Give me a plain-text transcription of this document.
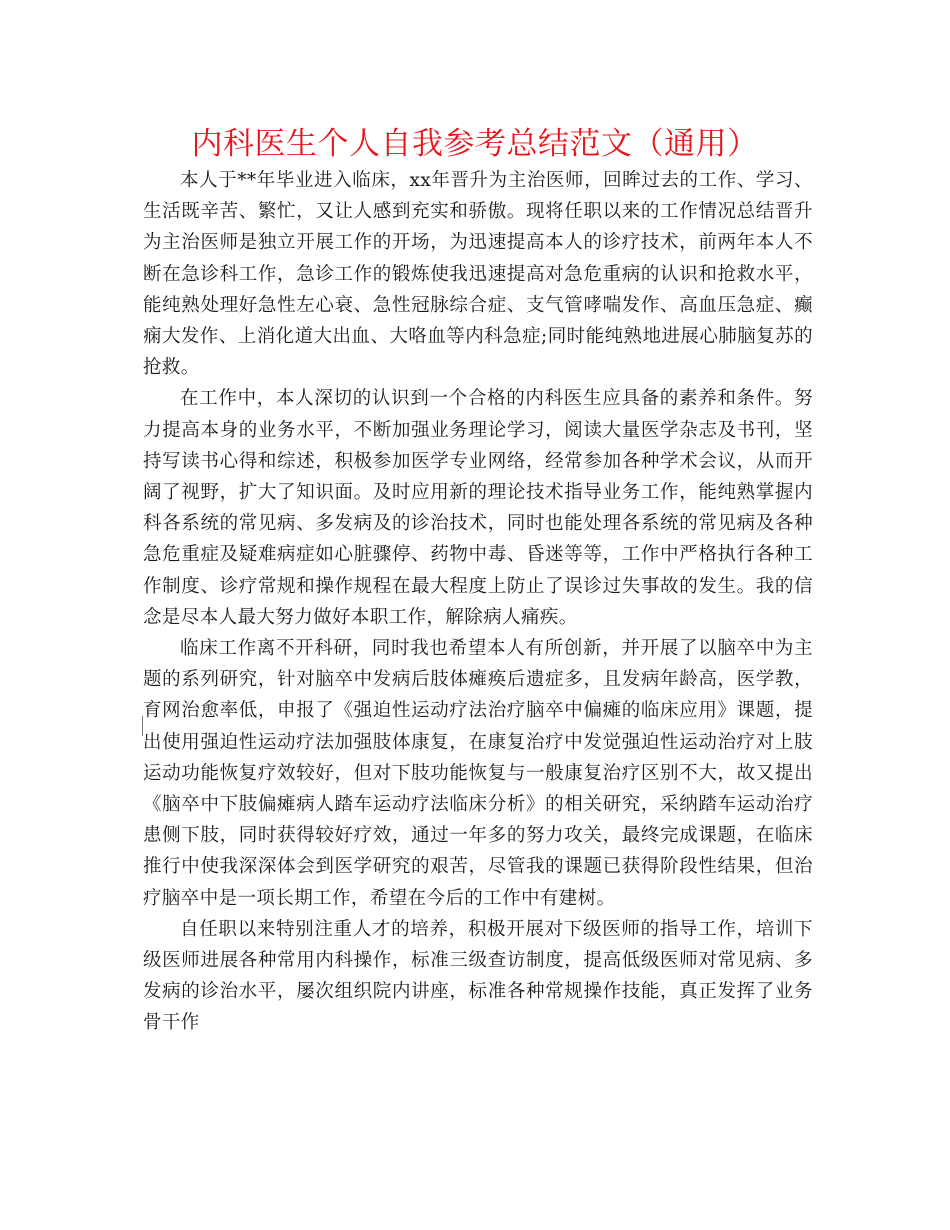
内科医生个人自我参考总结范文（通用）

本人于**年毕业进入临床，xx年晋升为主治医师，回眸过去的工作、学习、生活既辛苦、繁忙，又让人感到充实和骄傲。现将任职以来的工作情况总结晋升为主治医师是独立开展工作的开场，为迅速提高本人的诊疗技术，前两年本人不断在急诊科工作，急诊工作的锻炼使我迅速提高对急危重病的认识和抢救水平，能纯熟处理好急性左心衰、急性冠脉综合症、支气管哮喘发作、高血压急症、癫痫大发作、上消化道大出血、大咯血等内科急症;同时能纯熟地进展心肺脑复苏的抢救。

在工作中，本人深切的认识到一个合格的内科医生应具备的素养和条件。努力提高本身的业务水平，不断加强业务理论学习，阅读大量医学杂志及书刊，坚持写读书心得和综述，积极参加医学专业网络，经常参加各种学术会议，从而开阔了视野，扩大了知识面。及时应用新的理论技术指导业务工作，能纯熟掌握内科各系统的常见病、多发病及的诊治技术，同时也能处理各系统的常见病及各种急危重症及疑难病症如心脏骤停、药物中毒、昏迷等等，工作中严格执行各种工作制度、诊疗常规和操作规程在最大程度上防止了误诊过失事故的发生。我的信念是尽本人最大努力做好本职工作，解除病人痛疾。

临床工作离不开科研，同时我也希望本人有所创新，并开展了以脑卒中为主题的系列研究，针对脑卒中发病后肢体瘫痪后遗症多，且发病年龄高，医学教，育网治愈率低，申报了《强迫性运动疗法治疗脑卒中偏瘫的临床应用》课题，提出使用强迫性运动疗法加强肢体康复，在康复治疗中发觉强迫性运动治疗对上肢运动功能恢复疗效较好，但对下肢功能恢复与一般康复治疗区别不大，故又提出《脑卒中下肢偏瘫病人踏车运动疗法临床分析》的相关研究，采纳踏车运动治疗患侧下肢，同时获得较好疗效，通过一年多的努力攻关，最终完成课题，在临床推行中使我深深体会到医学研究的艰苦，尽管我的课题已获得阶段性结果，但治疗脑卒中是一项长期工作，希望在今后的工作中有建树。

自任职以来特别注重人才的培养，积极开展对下级医师的指导工作，培训下级医师进展各种常用内科操作，标准三级查访制度，提高低级医师对常见病、多发病的诊治水平，屡次组织院内讲座，标准各种常规操作技能，真正发挥了业务骨干作
